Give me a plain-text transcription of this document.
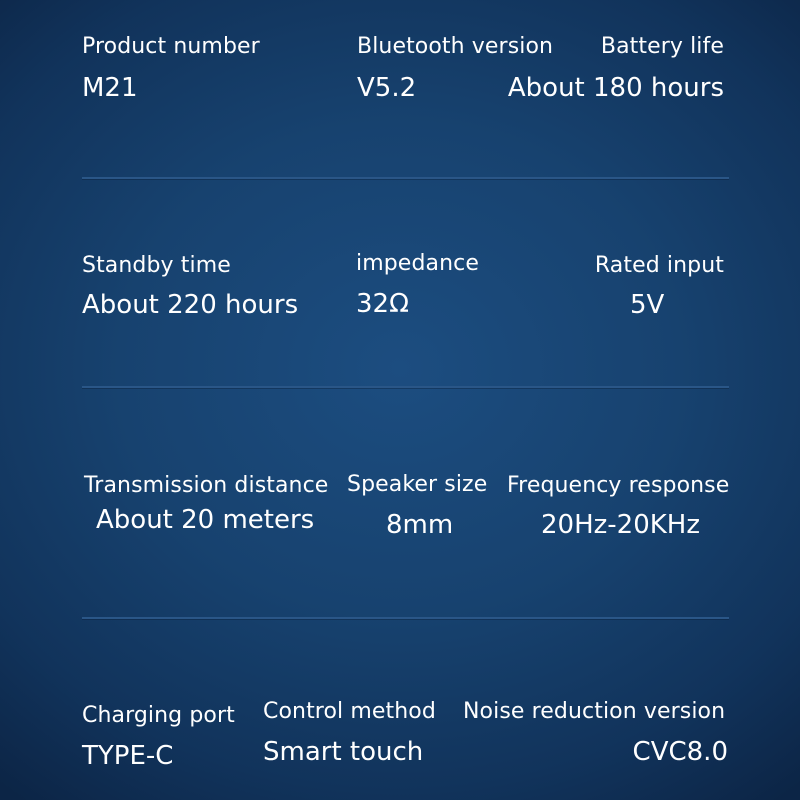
Product number
M21
Bluetooth version
V5.2
Battery life
About 180 hours
Standby time
About 220 hours
impedance
32Ω
Rated input
5V
Transmission distance
About 20 meters
Speaker size
8mm
Frequency response
20Hz-20KHz
Charging port
TYPE-C
Control method
Smart touch
Noise reduction version
CVC8.0
